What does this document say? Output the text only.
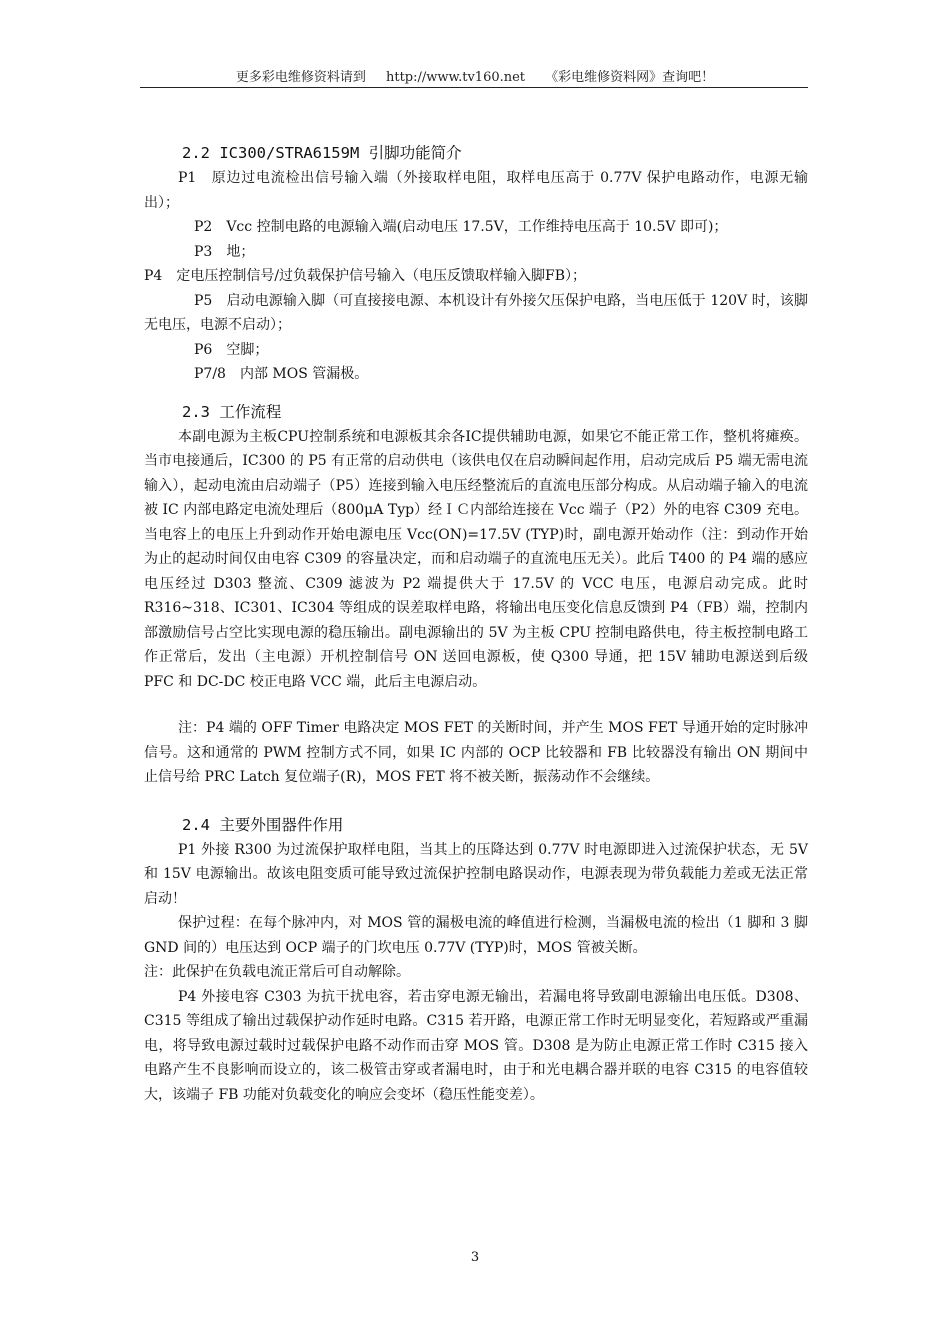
更多彩电维修资料请到 http://www.tv160.net 《彩电维修资料网》查询吧！
2.2 IC300/STRA6159M 引脚功能简介

P1　原边过电流检出信号输入端（外接取样电阻，取样电压高于 0.77V 保护电路动作，电源无输出）；

P2　Vcc 控制电路的电源输入端(启动电压 17.5V，工作维持电压高于 10.5V 即可)；

P3　地；

P4　定电压控制信号/过负载保护信号输入（电压反馈取样输入脚FB）；

P5　启动电源输入脚（可直接接电源、本机设计有外接欠压保护电路，当电压低于 120V 时，该脚无电压，电源不启动）；

P6　空脚；

P7/8　内部 MOS 管漏极。

2.3 工作流程

本副电源为主板CPU控制系统和电源板其余各IC提供辅助电源，如果它不能正常工作，整机将瘫痪。当市电接通后，IC300 的 P5 有正常的启动供电（该供电仅在启动瞬间起作用，启动完成后 P5 端无需电流输入），起动电流由启动端子（P5）连接到输入电压经整流后的直流电压部分构成。从启动端子输入的电流被 IC 内部电路定电流处理后（800μA Typ）经ＩＣ内部给连接在 Vcc 端子（P2）外的电容 C309 充电。当电容上的电压上升到动作开始电源电压 Vcc(ON)=17.5V (TYP)时，副电源开始动作（注：到动作开始为止的起动时间仅由电容 C309 的容量决定，而和启动端子的直流电压无关）。此后 T400 的 P4 端的感应电压经过 D303 整流、C309 滤波为 P2 端提供大于 17.5V 的 VCC 电压，电源启动完成。此时 R316~318、IC301、IC304 等组成的误差取样电路，将输出电压变化信息反馈到 P4（FB）端，控制内部激励信号占空比实现电源的稳压输出。副电源输出的 5V 为主板 CPU 控制电路供电，待主板控制电路工作正常后，发出（主电源）开机控制信号 ON 送回电源板，使 Q300 导通，把 15V 辅助电源送到后级 PFC 和 DC-DC 校正电路 VCC 端，此后主电源启动。

注：P4 端的 OFF Timer 电路决定 MOS FET 的关断时间，并产生 MOS FET 导通开始的定时脉冲信号。这和通常的 PWM 控制方式不同，如果 IC 内部的 OCP 比较器和 FB 比较器没有输出 ON 期间中止信号给 PRC Latch 复位端子(R)，MOS FET 将不被关断，振荡动作不会继续。

2.4 主要外围器件作用

P1 外接 R300 为过流保护取样电阻，当其上的压降达到 0.77V 时电源即进入过流保护状态，无 5V 和 15V 电源输出。故该电阻变质可能导致过流保护控制电路误动作，电源表现为带负载能力差或无法正常启动！

保护过程：在每个脉冲内，对 MOS 管的漏极电流的峰值进行检测，当漏极电流的检出（1 脚和 3 脚 GND 间的）电压达到 OCP 端子的门坎电压 0.77V (TYP)时，MOS 管被关断。

注：此保护在负载电流正常后可自动解除。

P4 外接电容 C303 为抗干扰电容，若击穿电源无输出，若漏电将导致副电源输出电压低。D308、C315 等组成了输出过载保护动作延时电路。C315 若开路，电源正常工作时无明显变化，若短路或严重漏电，将导致电源过载时过载保护电路不动作而击穿 MOS 管。D308 是为防止电源正常工作时 C315 接入电路产生不良影响而设立的，该二极管击穿或者漏电时，由于和光电耦合器并联的电容 C315 的电容值较大，该端子 FB 功能对负载变化的响应会变坏（稳压性能变差）。

3
